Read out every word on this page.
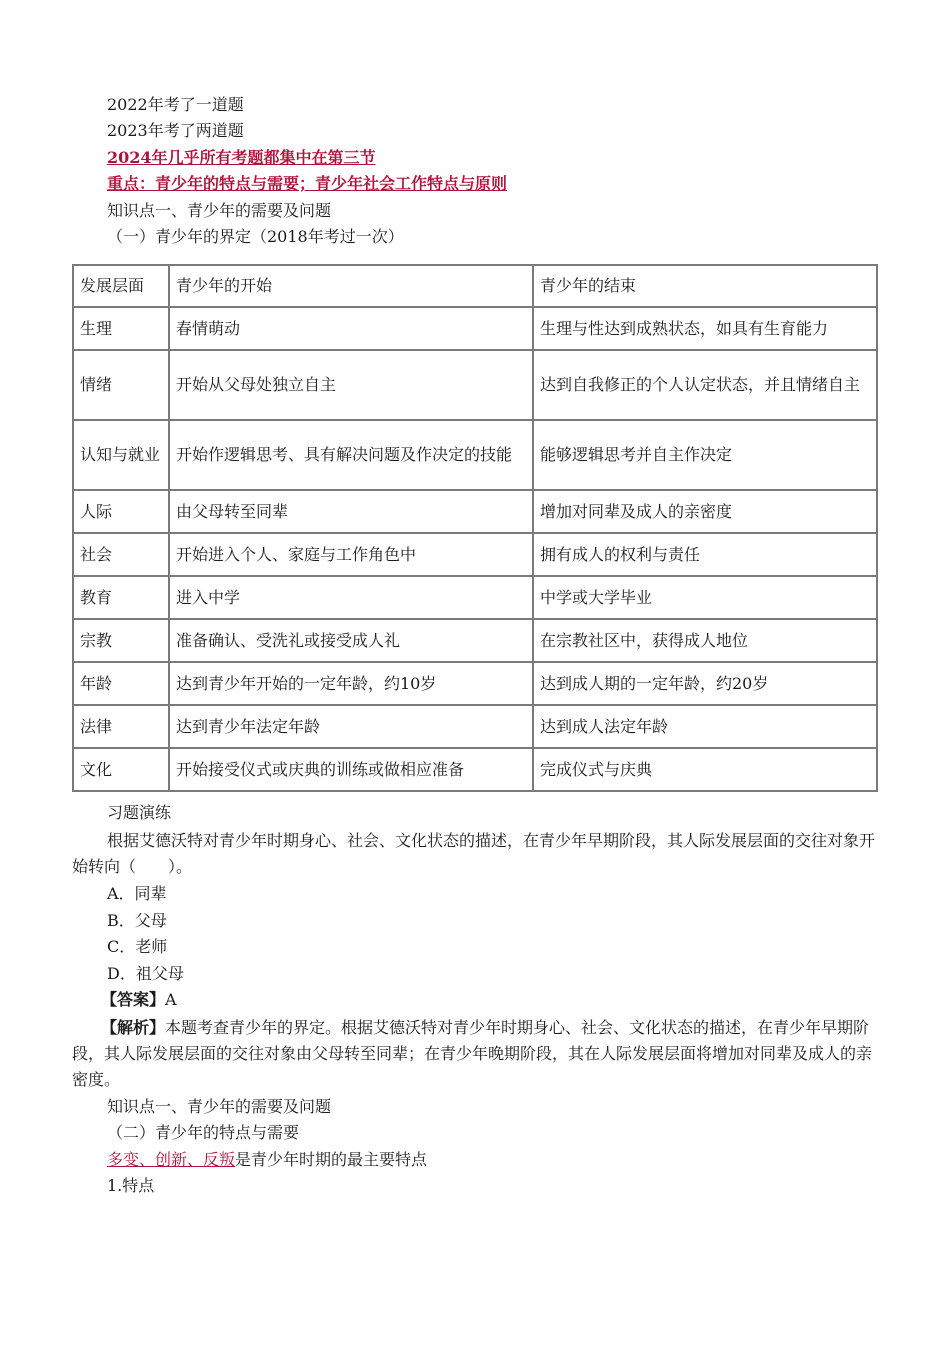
2022年考了一道题
2023年考了两道题
2024年几乎所有考题都集中在第三节
重点：青少年的特点与需要；青少年社会工作特点与原则
知识点一、青少年的需要及问题
（一）青少年的界定（2018年考过一次）
发展层面	青少年的开始	青少年的结束
生理	春情萌动	生理与性达到成熟状态，如具有生育能力
情绪	开始从父母处独立自主	达到自我修正的个人认定状态，并且情绪自主
认知与就业	开始作逻辑思考、具有解决问题及作决定的技能	能够逻辑思考并自主作决定
人际	由父母转至同辈	增加对同辈及成人的亲密度
社会	开始进入个人、家庭与工作角色中	拥有成人的权利与责任
教育	进入中学	中学或大学毕业
宗教	准备确认、受洗礼或接受成人礼	在宗教社区中，获得成人地位
年龄	达到青少年开始的一定年龄，约10岁	达到成人期的一定年龄，约20岁
法律	达到青少年法定年龄	达到成人法定年龄
文化	开始接受仪式或庆典的训练或做相应准备	完成仪式与庆典
习题演练
根据艾德沃特对青少年时期身心、社会、文化状态的描述，在青少年早期阶段，其人际发展层面的交往对象开始转向（　　）。
A．同辈
B．父母
C．老师
D．祖父母
【答案】A
【解析】本题考查青少年的界定。根据艾德沃特对青少年时期身心、社会、文化状态的描述，在青少年早期阶段，其人际发展层面的交往对象由父母转至同辈；在青少年晚期阶段，其在人际发展层面将增加对同辈及成人的亲密度。
知识点一、青少年的需要及问题
（二）青少年的特点与需要
多变、创新、反叛是青少年时期的最主要特点
1.特点
